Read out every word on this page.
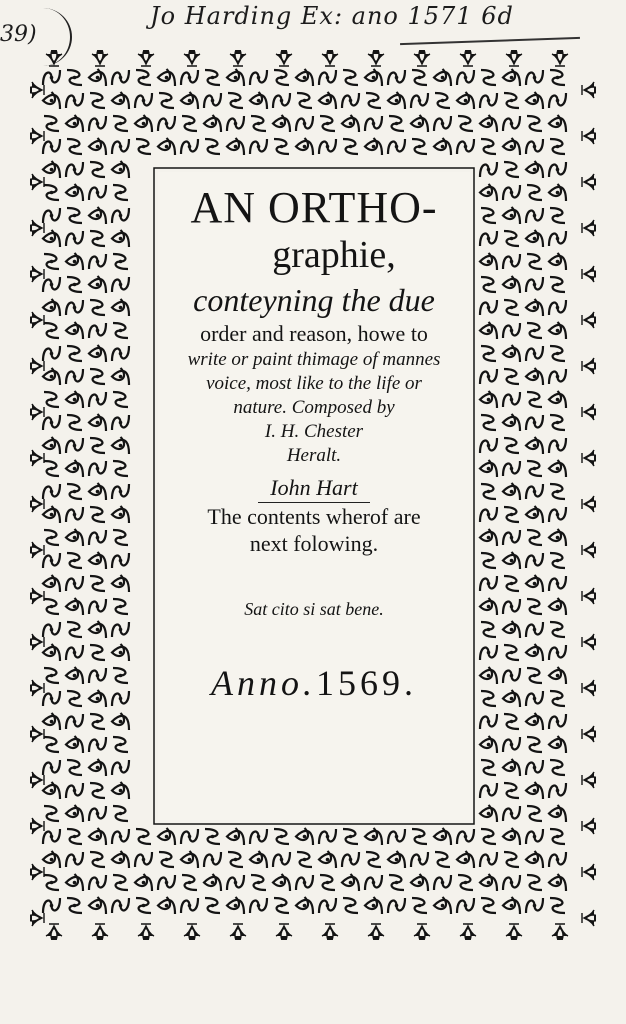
39)
Jo Harding Ex: ano 1571 6d
AN ORTHO-
graphie,
conteyning the due
order and reason, howe to
write or paint thimage of mannes
voice, most like to the life or
nature. Composed by
I. H. Chester
Heralt.
Iohn Hart
The contents wherof are
next folowing.
Sat cito si sat bene.
Anno.1569.
